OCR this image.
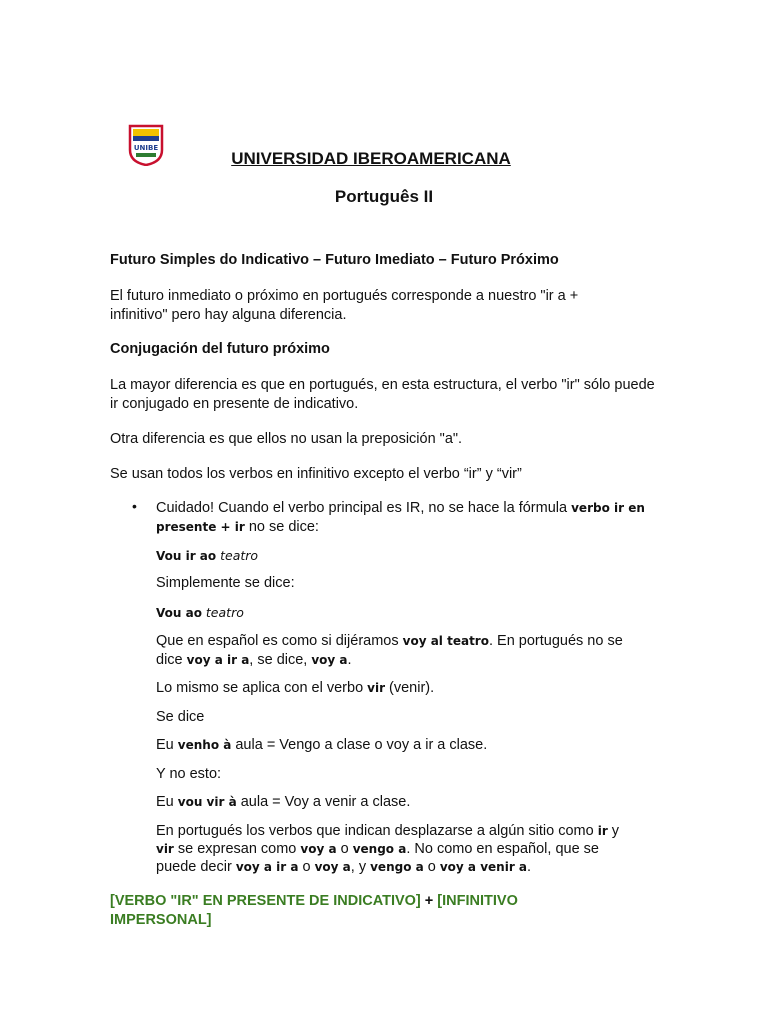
UNIBE
UNIVERSIDAD IBEROAMERICANA
Português II

Futuro Simples do Indicativo – Futuro Imediato – Futuro Próximo

El futuro inmediato o próximo en portugués corresponde a nuestro "ir a + infinitivo" pero hay alguna diferencia.

Conjugación del futuro próximo

La mayor diferencia es que en portugués, en esta estructura, el verbo "ir" sólo puede ir conjugado en presente de indicativo.

Otra diferencia es que ellos no usan la preposición "a".

Se usan todos los verbos en infinitivo excepto el verbo “ir” y “vir”

• Cuidado! Cuando el verbo principal es IR, no se hace la fórmula verbo ir en presente + ir no se dice:

Vou ir ao teatro

Simplemente se dice:

Vou ao teatro

Que en español es como si dijéramos voy al teatro. En portugués no se dice voy a ir a, se dice, voy a.

Lo mismo se aplica con el verbo vir (venir).

Se dice

Eu venho à aula = Vengo a clase o voy a ir a clase.

Y no esto:

Eu vou vir à aula = Voy a venir a clase.

En portugués los verbos que indican desplazarse a algún sitio como ir y vir se expresan como voy a o vengo a. No como en español, que se puede decir voy a ir a o voy a, y vengo a o voy a venir a.

[VERBO "IR" EN PRESENTE DE INDICATIVO] + [INFINITIVO IMPERSONAL]
